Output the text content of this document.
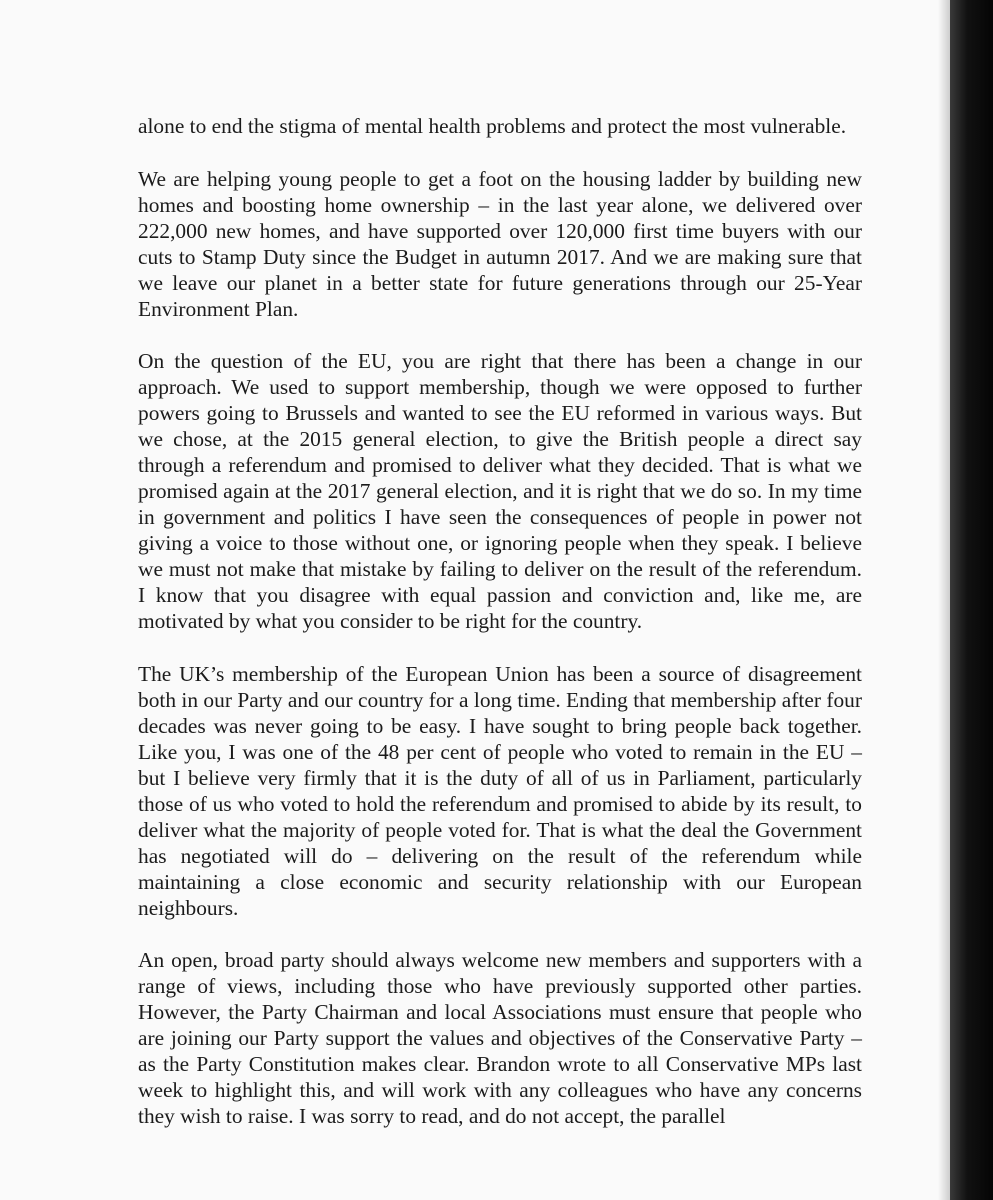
alone to end the stigma of mental health problems and protect the most vulnerable.

We are helping young people to get a foot on the housing ladder by building new homes and boosting home ownership – in the last year alone, we delivered over 222,000 new homes, and have supported over 120,000 first time buyers with our cuts to Stamp Duty since the Budget in autumn 2017. And we are making sure that we leave our planet in a better state for future generations through our 25-Year Environment Plan.

On the question of the EU, you are right that there has been a change in our approach. We used to support membership, though we were opposed to further powers going to Brussels and wanted to see the EU reformed in various ways. But we chose, at the 2015 general election, to give the British people a direct say through a referendum and promised to deliver what they decided. That is what we promised again at the 2017 general election, and it is right that we do so. In my time in government and politics I have seen the consequences of people in power not giving a voice to those without one, or ignoring people when they speak. I believe we must not make that mistake by failing to deliver on the result of the referendum. I know that you disagree with equal passion and conviction and, like me, are motivated by what you consider to be right for the country.

The UK’s membership of the European Union has been a source of disagreement both in our Party and our country for a long time. Ending that membership after four decades was never going to be easy. I have sought to bring people back together. Like you, I was one of the 48 per cent of people who voted to remain in the EU – but I believe very firmly that it is the duty of all of us in Parliament, particularly those of us who voted to hold the referendum and promised to abide by its result, to deliver what the majority of people voted for. That is what the deal the Government has negotiated will do – delivering on the result of the referendum while maintaining a close economic and security relationship with our European neighbours.

An open, broad party should always welcome new members and supporters with a range of views, including those who have previously supported other parties. However, the Party Chairman and local Associations must ensure that people who are joining our Party support the values and objectives of the Conservative Party – as the Party Constitution makes clear. Brandon wrote to all Conservative MPs last week to highlight this, and will work with any colleagues who have any concerns they wish to raise. I was sorry to read, and do not accept, the parallel
